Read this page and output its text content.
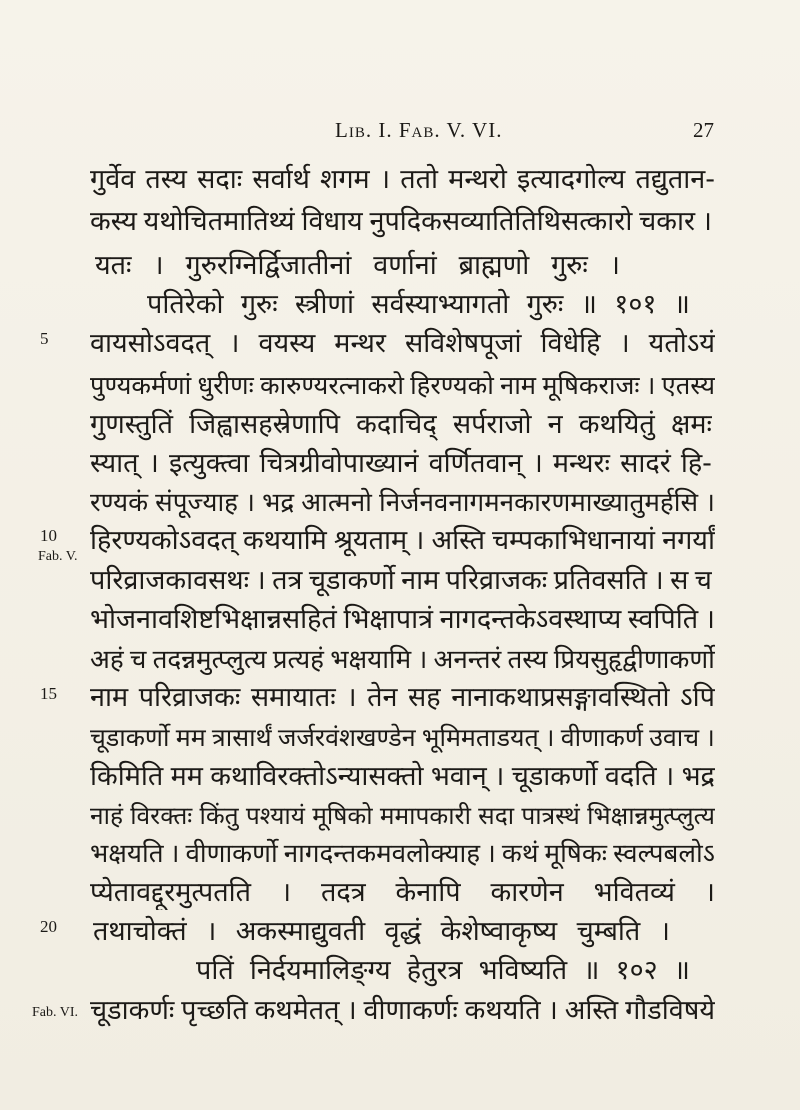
Lib. I. Fab. V. VI.	27
गुर्वेव तस्य सदाः सर्वार्थ शगम । ततो मन्थरो इत्यादगोल्य तद्युतान-
कस्य यथोचितमातिथ्यं विधाय नुपदिकसव्यातितिथिसत्कारो चकार ।
यतः । गुरुरग्निर्द्विजातीनां वर्णानां ब्राह्मणो गुरुः ।
पतिरेको गुरुः स्त्रीणां सर्वस्याभ्यागतो गुरुः ॥ १०१ ॥
वायसोऽवदत् । वयस्य मन्थर सविशेषपूजां विधेहि । यतोऽयं
पुण्यकर्मणां धुरीणः कारुण्यरत्नाकरो हिरण्यको नाम मूषिकराजः । एतस्य
गुणस्तुतिं जिह्वासहस्रेणापि कदाचिद् सर्पराजो न कथयितुं क्षमः
स्यात् । इत्युक्त्वा चित्रग्रीवोपाख्यानं वर्णितवान् । मन्थरः सादरं हि-
रण्यकं संपूज्याह । भद्र आत्मनो निर्जनवनागमनकारणमाख्यातुमर्हसि ।
हिरण्यकोऽवदत् कथयामि श्रूयताम् । अस्ति चम्पकाभिधानायां नगर्यां
परिव्राजकावसथः । तत्र चूडाकर्णो नाम परिव्राजकः प्रतिवसति । स च
भोजनावशिष्टभिक्षान्नसहितं भिक्षापात्रं नागदन्तकेऽवस्थाप्य स्वपिति ।
अहं च तदन्नमुत्प्लुत्य प्रत्यहं भक्षयामि । अनन्तरं तस्य प्रियसुहृद्वीणाकर्णो
नाम परिव्राजकः समायातः । तेन सह नानाकथाप्रसङ्गावस्थितो ऽपि
चूडाकर्णो मम त्रासार्थं जर्जरवंशखण्डेन भूमिमताडयत् । वीणाकर्ण उवाच ।
किमिति मम कथाविरक्तोऽन्यासक्तो भवान् । चूडाकर्णो वदति । भद्र
नाहं विरक्तः किंतु पश्यायं मूषिको ममापकारी सदा पात्रस्थं भिक्षान्नमुत्प्लुत्य
भक्षयति । वीणाकर्णो नागदन्तकमवलोक्याह । कथं मूषिकः स्वल्पबलोऽ
प्येतावद्दूरमुत्पतति । तदत्र केनापि कारणेन भवितव्यं ।
तथाचोक्तं । अकस्माद्युवती वृद्धं केशेष्वाकृष्य चुम्बति ।
पतिं निर्दयमालिङ्ग्य हेतुरत्र भविष्यति ॥ १०२ ॥
चूडाकर्णः पृच्छति कथमेतत् । वीणाकर्णः कथयति । अस्ति गौडविषये
5
10
15
20
Fab. V.
Fab. VI.
